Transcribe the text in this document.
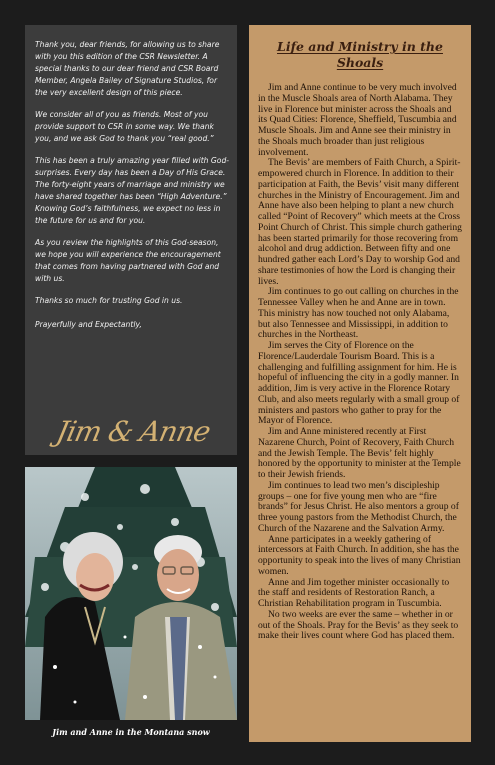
Thank you, dear friends, for allowing us to share with you this edition of the CSR Newsletter. A special thanks to our dear friend and CSR Board Member, Angela Bailey of Signature Studios, for the very excellent design of this piece.

We consider all of you as friends. Most of you provide support to CSR in some way. We thank you, and we ask God to thank you “real good.”

This has been a truly amazing year filled with God-surprises. Every day has been a Day of His Grace. The forty-eight years of marriage and ministry we have shared together has been “High Adventure.” Knowing God’s faithfulness, we expect no less in the future for us and for you.

As you review the highlights of this God-season, we hope you will experience the encouragement that comes from having partnered with God and with us.

Thanks so much for trusting God in us.

Prayerfully and Expectantly,

Jim & Anne
Jim and Anne in the Montana snow
Life and Ministry in the Shoals

Jim and Anne continue to be very much involved in the Muscle Shoals area of North Alabama. They live in Florence but minister across the Shoals and its Quad Cities: Florence, Sheffield, Tuscumbia and Muscle Shoals. Jim and Anne see their ministry in the Shoals much broader than just religious involvement.

The Bevis’ are members of Faith Church, a Spirit-empowered church in Florence. In addition to their participation at Faith, the Bevis’ visit many different churches in the Ministry of Encouragement. Jim and Anne have also been helping to plant a new church called “Point of Recovery” which meets at the Cross Point Church of Christ. This simple church gathering has been started primarily for those recovering from alcohol and drug addiction. Between fifty and one hundred gather each Lord’s Day to worship God and share testimonies of how the Lord is changing their lives.

Jim continues to go out calling on churches in the Tennessee Valley when he and Anne are in town. This ministry has now touched not only Alabama, but also Tennessee and Mississippi, in addition to churches in the Northeast.

Jim serves the City of Florence on the Florence/Lauderdale Tourism Board. This is a challenging and fulfilling assignment for him. He is hopeful of influencing the city in a godly manner. In addition, Jim is very active in the Florence Rotary Club, and also meets regularly with a small group of ministers and pastors who gather to pray for the Mayor of Florence.

Jim and Anne ministered recently at First Nazarene Church, Point of Recovery, Faith Church and the Jewish Temple. The Bevis’ felt highly honored by the opportunity to minister at the Temple to their Jewish friends.

Jim continues to lead two men’s discipleship groups – one for five young men who are “fire brands” for Jesus Christ. He also mentors a group of three young pastors from the Methodist Church, the Church of the Nazarene and the Salvation Army.

Anne participates in a weekly gathering of intercessors at Faith Church. In addition, she has the opportunity to speak into the lives of many Christian women.

Anne and Jim together minister occasionally to the staff and residents of Restoration Ranch, a Christian Rehabilitation program in Tuscumbia.

No two weeks are ever the same – whether in or out of the Shoals. Pray for the Bevis’ as they seek to make their lives count where God has placed them.
